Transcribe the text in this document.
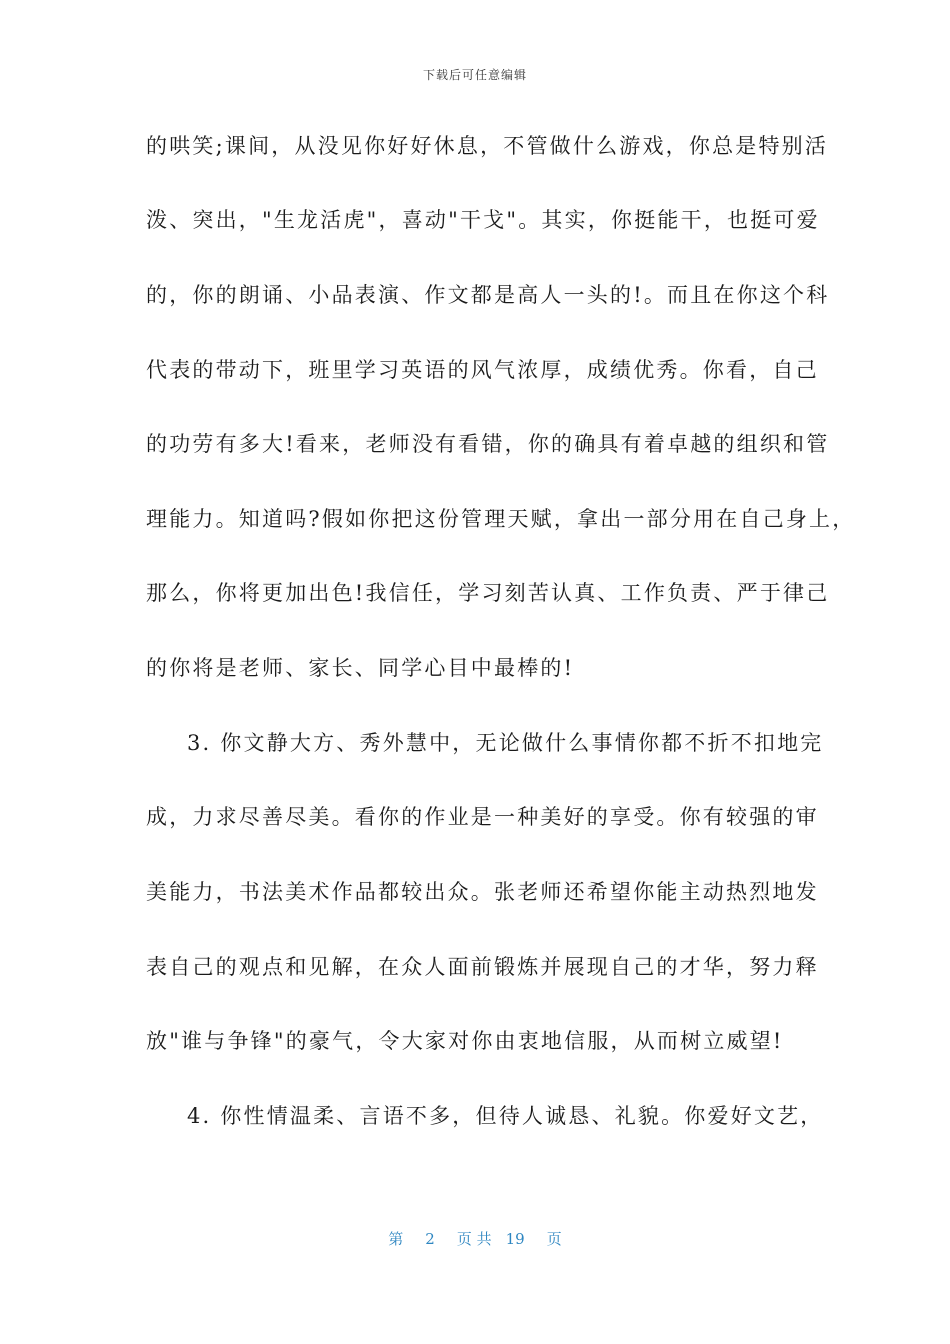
下载后可任意编辑
的哄笑;课间，从没见你好好休息，不管做什么游戏，你总是特别活
泼、突出，"生龙活虎"，喜动"干戈"。其实，你挺能干，也挺可爱
的，你的朗诵、小品表演、作文都是高人一头的!。而且在你这个科
代表的带动下，班里学习英语的风气浓厚，成绩优秀。你看，自己
的功劳有多大!看来，老师没有看错，你的确具有着卓越的组织和管
理能力。知道吗?假如你把这份管理天赋，拿出一部分用在自己身上，
那么，你将更加出色!我信任，学习刻苦认真、工作负责、严于律己
的你将是老师、家长、同学心目中最棒的!
3. 你文静大方、秀外慧中，无论做什么事情你都不折不扣地完
成，力求尽善尽美。看你的作业是一种美好的享受。你有较强的审
美能力，书法美术作品都较出众。张老师还希望你能主动热烈地发
表自己的观点和见解，在众人面前锻炼并展现自己的才华，努力释
放"谁与争锋"的豪气，令大家对你由衷地信服，从而树立威望!
4. 你性情温柔、言语不多，但待人诚恳、礼貌。你爱好文艺，
第 2 页 共 19 页
